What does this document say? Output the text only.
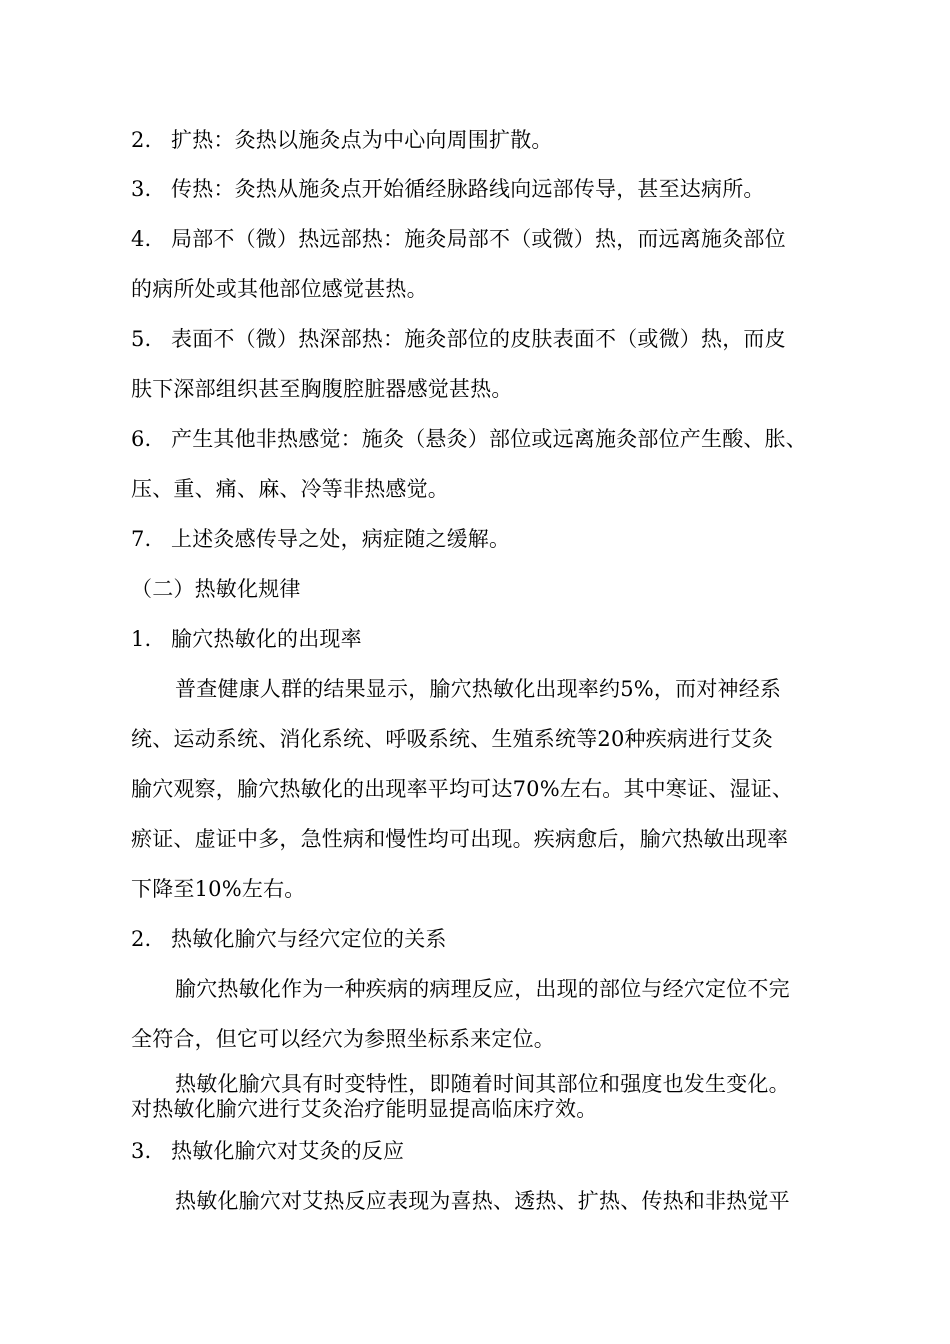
2. 扩热：灸热以施灸点为中心向周围扩散。
3. 传热：灸热从施灸点开始循经脉路线向远部传导，甚至达病所。
4. 局部不（微）热远部热：施灸局部不（或微）热，而远离施灸部位
的病所处或其他部位感觉甚热。
5. 表面不（微）热深部热：施灸部位的皮肤表面不（或微）热，而皮
肤下深部组织甚至胸腹腔脏器感觉甚热。
6. 产生其他非热感觉：施灸（悬灸）部位或远离施灸部位产生酸、胀、
压、重、痛、麻、冷等非热感觉。
7. 上述灸感传导之处，病症随之缓解。
（二）热敏化规律
1. 腧穴热敏化的出现率
普查健康人群的结果显示，腧穴热敏化出现率约5%，而对神经系
统、运动系统、消化系统、呼吸系统、生殖系统等20种疾病进行艾灸
腧穴观察，腧穴热敏化的出现率平均可达70%左右。其中寒证、湿证、
瘀证、虚证中多，急性病和慢性均可出现。疾病愈后，腧穴热敏出现率
下降至10%左右。
2. 热敏化腧穴与经穴定位的关系
腧穴热敏化作为一种疾病的病理反应，出现的部位与经穴定位不完
全符合，但它可以经穴为参照坐标系来定位。
热敏化腧穴具有时变特性，即随着时间其部位和强度也发生变化。
对热敏化腧穴进行艾灸治疗能明显提高临床疗效。
3. 热敏化腧穴对艾灸的反应
热敏化腧穴对艾热反应表现为喜热、透热、扩热、传热和非热觉平
